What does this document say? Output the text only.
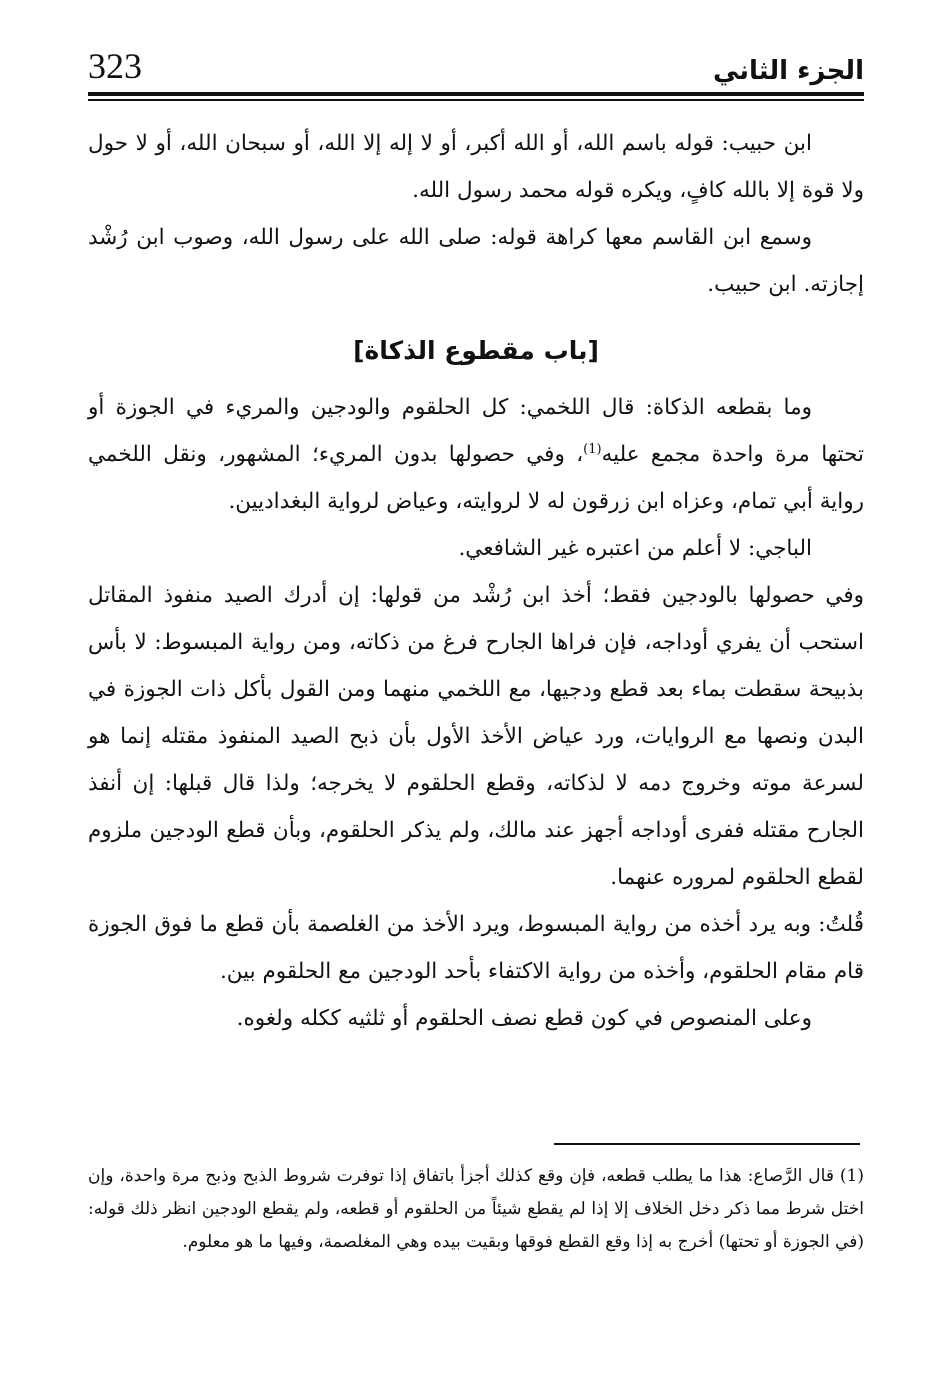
323	الجزء الثاني

ابن حبيب: قوله باسم الله، أو الله أكبر، أو لا إله إلا الله، أو سبحان الله، أو لا حول ولا قوة إلا بالله كافٍ، ويكره قوله محمد رسول الله.

وسمع ابن القاسم معها كراهة قوله: صلى الله على رسول الله، وصوب ابن رُشْد إجازته. ابن حبيب.

[باب مقطوع الذكاة]

وما بقطعه الذكاة: قال اللخمي: كل الحلقوم والودجين والمريء في الجوزة أو تحتها مرة واحدة مجمع عليه$^{(1)}$، وفي حصولها بدون المريء؛ المشهور، ونقل اللخمي رواية أبي تمام، وعزاه ابن زرقون له لا لروايته، وعياض لرواية البغداديين.

الباجي: لا أعلم من اعتبره غير الشافعي.

وفي حصولها بالودجين فقط؛ أخذ ابن رُشْد من قولها: إن أدرك الصيد منفوذ المقاتل استحب أن يفري أوداجه، فإن فراها الجارح فرغ من ذكاته، ومن رواية المبسوط: لا بأس بذبيحة سقطت بماء بعد قطع ودجيها، مع اللخمي منهما ومن القول بأكل ذات الجوزة في البدن ونصها مع الروايات، ورد عياض الأخذ الأول بأن ذبح الصيد المنفوذ مقتله إنما هو لسرعة موته وخروج دمه لا لذكاته، وقطع الحلقوم لا يخرجه؛ ولذا قال قبلها: إن أنفذ الجارح مقتله ففرى أوداجه أجهز عند مالك، ولم يذكر الحلقوم، وبأن قطع الودجين ملزوم لقطع الحلقوم لمروره عنهما.

قُلتُ: وبه يرد أخذه من رواية المبسوط، ويرد الأخذ من الغلصمة بأن قطع ما فوق الجوزة قام مقام الحلقوم، وأخذه من رواية الاكتفاء بأحد الودجين مع الحلقوم بين.

وعلى المنصوص في كون قطع نصف الحلقوم أو ثلثيه ككله ولغوه.

(1) قال الرَّصاع: هذا ما يطلب قطعه، فإن وقع كذلك أجزأ باتفاق إذا توفرت شروط الذبح وذبح مرة واحدة، وإن اختل شرط مما ذكر دخل الخلاف إلا إذا لم يقطع شيئاً من الحلقوم أو قطعه، ولم يقطع الودجين انظر ذلك قوله: (في الجوزة أو تحتها) أخرج به إذا وقع القطع فوقها وبقيت بيده وهي المغلصمة، وفيها ما هو معلوم.
